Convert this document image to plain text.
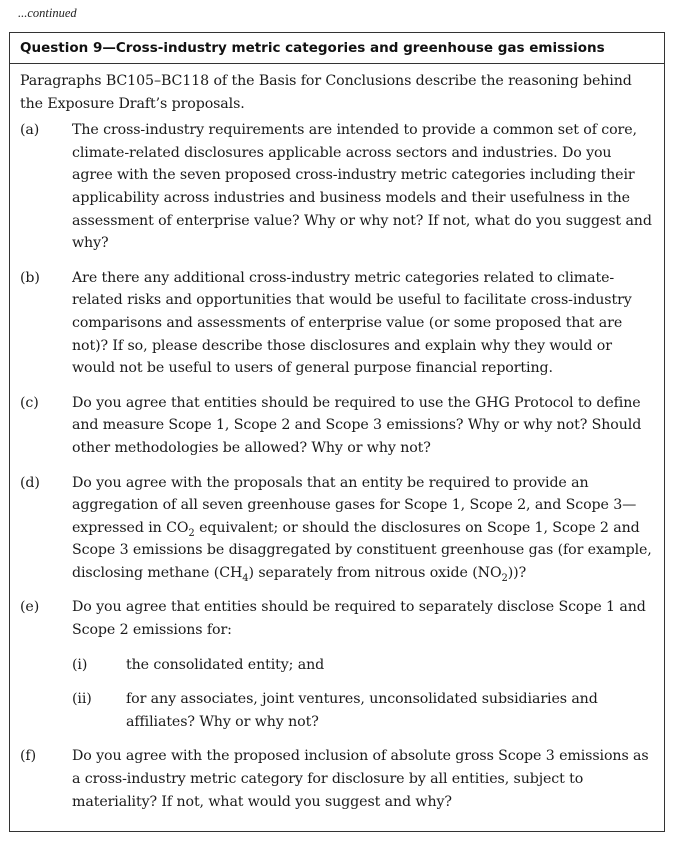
...continued
Question 9—Cross-industry metric categories and greenhouse gas emissions

Paragraphs BC105–BC118 of the Basis for Conclusions describe the reasoning behind the Exposure Draft’s proposals.

(a)	The cross-industry requirements are intended to provide a common set of core, climate-related disclosures applicable across sectors and industries. Do you agree with the seven proposed cross-industry metric categories including their applicability across industries and business models and their usefulness in the assessment of enterprise value? Why or why not? If not, what do you suggest and why?
(b)	Are there any additional cross-industry metric categories related to climate-related risks and opportunities that would be useful to facilitate cross-industry comparisons and assessments of enterprise value (or some proposed that are not)? If so, please describe those disclosures and explain why they would or would not be useful to users of general purpose financial reporting.
(c)	Do you agree that entities should be required to use the GHG Protocol to define and measure Scope 1, Scope 2 and Scope 3 emissions? Why or why not? Should other methodologies be allowed? Why or why not?
(d)	Do you agree with the proposals that an entity be required to provide an aggregation of all seven greenhouse gases for Scope 1, Scope 2, and Scope 3—expressed in $CO_2$ equivalent; or should the disclosures on Scope 1, Scope 2 and Scope 3 emissions be disaggregated by constituent greenhouse gas (for example, disclosing methane $(CH_4)$ separately from nitrous oxide $(NO_2)$)?
(e)	Do you agree that entities should be required to separately disclose Scope 1 and Scope 2 emissions for:
(i)	the consolidated entity; and
(ii)	for any associates, joint ventures, unconsolidated subsidiaries and affiliates? Why or why not?
(f)	Do you agree with the proposed inclusion of absolute gross Scope 3 emissions as a cross-industry metric category for disclosure by all entities, subject to materiality? If not, what would you suggest and why?
